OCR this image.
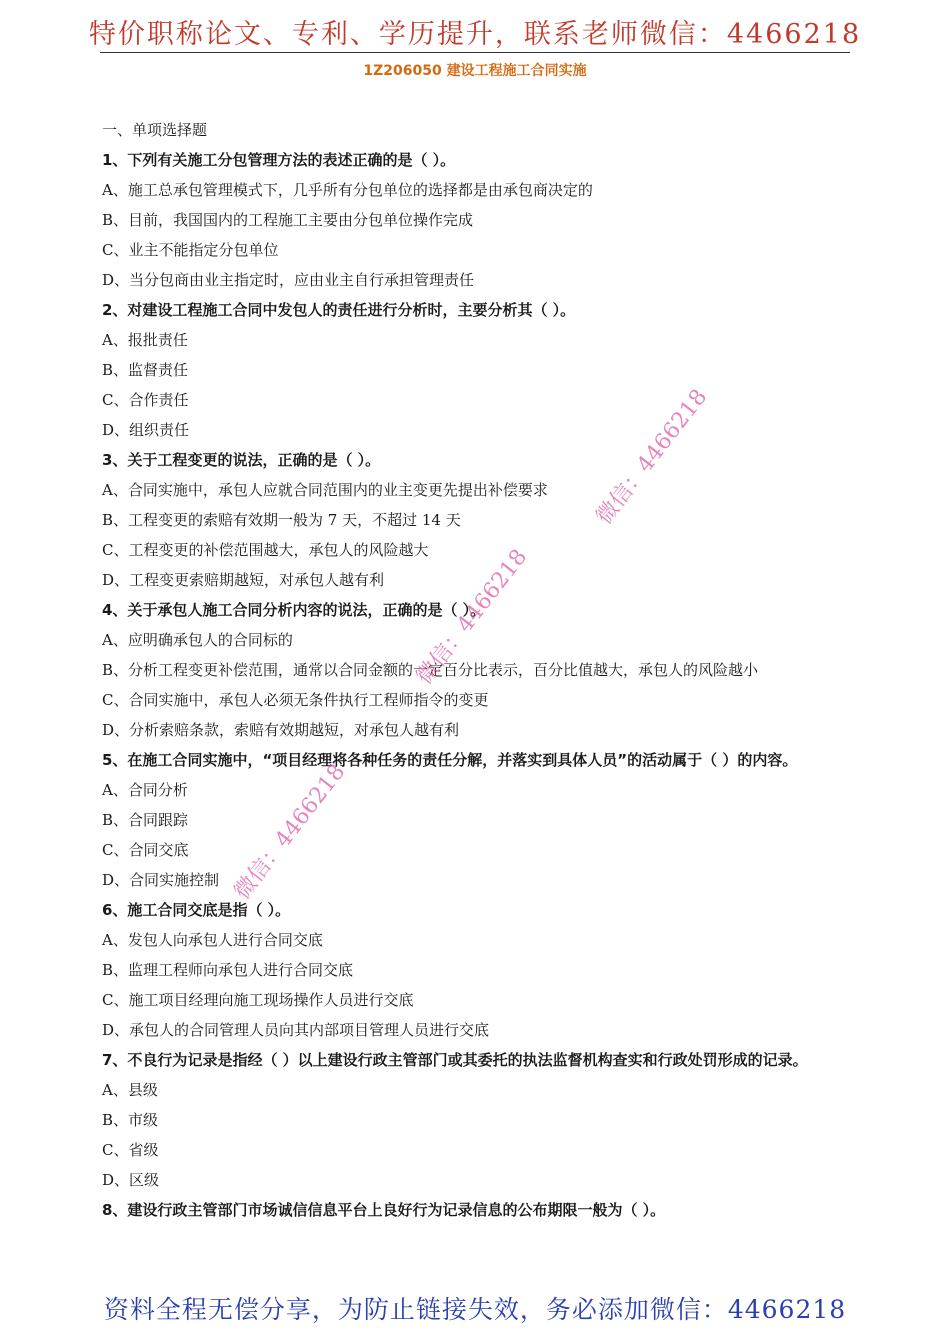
特价职称论文、专利、学历提升，联系老师微信：4466218
1Z206050 建设工程施工合同实施
一、单项选择题
1、下列有关施工分包管理方法的表述正确的是（ ）。
A、施工总承包管理模式下，几乎所有分包单位的选择都是由承包商决定的
B、目前，我国国内的工程施工主要由分包单位操作完成
C、业主不能指定分包单位
D、当分包商由业主指定时，应由业主自行承担管理责任
2、对建设工程施工合同中发包人的责任进行分析时，主要分析其（ ）。
A、报批责任
B、监督责任
C、合作责任
D、组织责任
3、关于工程变更的说法，正确的是（ ）。
A、合同实施中，承包人应就合同范围内的业主变更先提出补偿要求
B、工程变更的索赔有效期一般为 7 天，不超过 14 天
C、工程变更的补偿范围越大，承包人的风险越大
D、工程变更索赔期越短，对承包人越有利
4、关于承包人施工合同分析内容的说法，正确的是（ ）。
A、应明确承包人的合同标的
B、分析工程变更补偿范围，通常以合同金额的一定百分比表示，百分比值越大，承包人的风险越小
C、合同实施中，承包人必须无条件执行工程师指令的变更
D、分析索赔条款，索赔有效期越短，对承包人越有利
5、在施工合同实施中，“项目经理将各种任务的责任分解，并落实到具体人员”的活动属于（ ）的内容。
A、合同分析
B、合同跟踪
C、合同交底
D、合同实施控制
6、施工合同交底是指（ ）。
A、发包人向承包人进行合同交底
B、监理工程师向承包人进行合同交底
C、施工项目经理向施工现场操作人员进行交底
D、承包人的合同管理人员向其内部项目管理人员进行交底
7、不良行为记录是指经（ ）以上建设行政主管部门或其委托的执法监督机构查实和行政处罚形成的记录。
A、县级
B、市级
C、省级
D、区级
8、建设行政主管部门市场诚信信息平台上良好行为记录信息的公布期限一般为（ ）。
微信：4466218
微信：4466218
微信：4466218
资料全程无偿分享，为防止链接失效，务必添加微信：4466218
